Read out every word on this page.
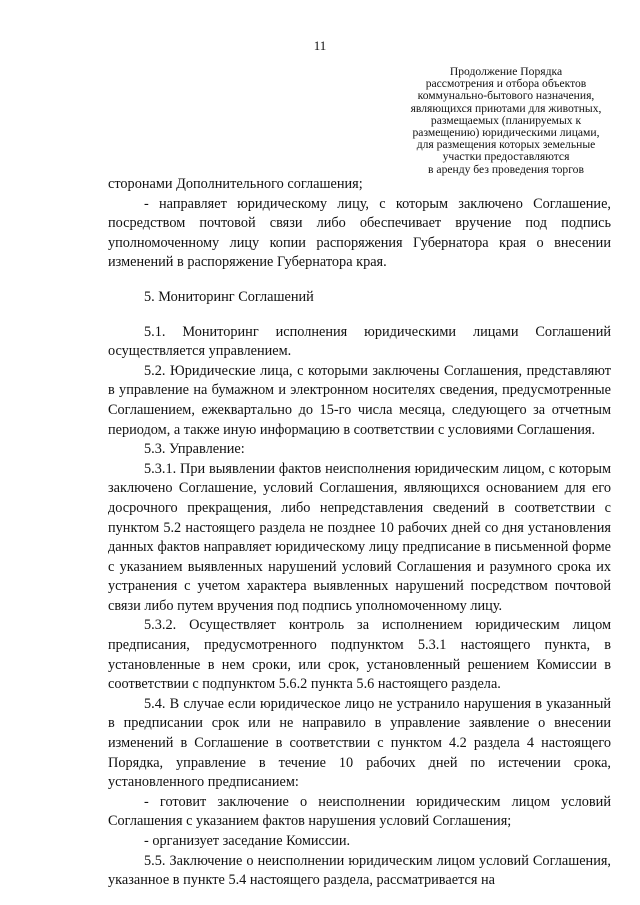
11
Продолжение Порядка
рассмотрения и отбора объектов
коммунально-бытового назначения,
являющихся приютами для животных,
размещаемых (планируемых к
размещению) юридическими лицами,
для размещения которых земельные
участки предоставляются
в аренду без проведения торгов

сторонами Дополнительного соглашения;

- направляет юридическому лицу, с которым заключено Соглашение, посредством почтовой связи либо обеспечивает вручение под подпись уполномоченному лицу копии распоряжения Губернатора края о внесении изменений в распоряжение Губернатора края.

5. Мониторинг Соглашений

5.1. Мониторинг исполнения юридическими лицами Соглашений осуществляется управлением.

5.2. Юридические лица, с которыми заключены Соглашения, представляют в управление на бумажном и электронном носителях сведения, предусмотренные Соглашением, ежеквартально до 15-го числа месяца, следующего за отчетным периодом, а также иную информацию в соответствии с условиями Соглашения.

5.3. Управление:

5.3.1. При выявлении фактов неисполнения юридическим лицом, с которым заключено Соглашение, условий Соглашения, являющихся основанием для его досрочного прекращения, либо непредставления сведений в соответствии с пунктом 5.2 настоящего раздела не позднее 10 рабочих дней со дня установления данных фактов направляет юридическому лицу предписание в письменной форме с указанием выявленных нарушений условий Соглашения и разумного срока их устранения с учетом характера выявленных нарушений посредством почтовой связи либо путем вручения под подпись уполномоченному лицу.

5.3.2. Осуществляет контроль за исполнением юридическим лицом предписания, предусмотренного подпунктом 5.3.1 настоящего пункта, в установленные в нем сроки, или срок, установленный решением Комиссии в соответствии с подпунктом 5.6.2 пункта 5.6 настоящего раздела.

5.4. В случае если юридическое лицо не устранило нарушения в указанный в предписании срок или не направило в управление заявление о внесении изменений в Соглашение в соответствии с пунктом 4.2 раздела 4 настоящего Порядка, управление в течение 10 рабочих дней по истечении срока, установленного предписанием:

- готовит заключение о неисполнении юридическим лицом условий Соглашения с указанием фактов нарушения условий Соглашения;

- организует заседание Комиссии.

5.5. Заключение о неисполнении юридическим лицом условий Соглашения, указанное в пункте 5.4 настоящего раздела, рассматривается на
